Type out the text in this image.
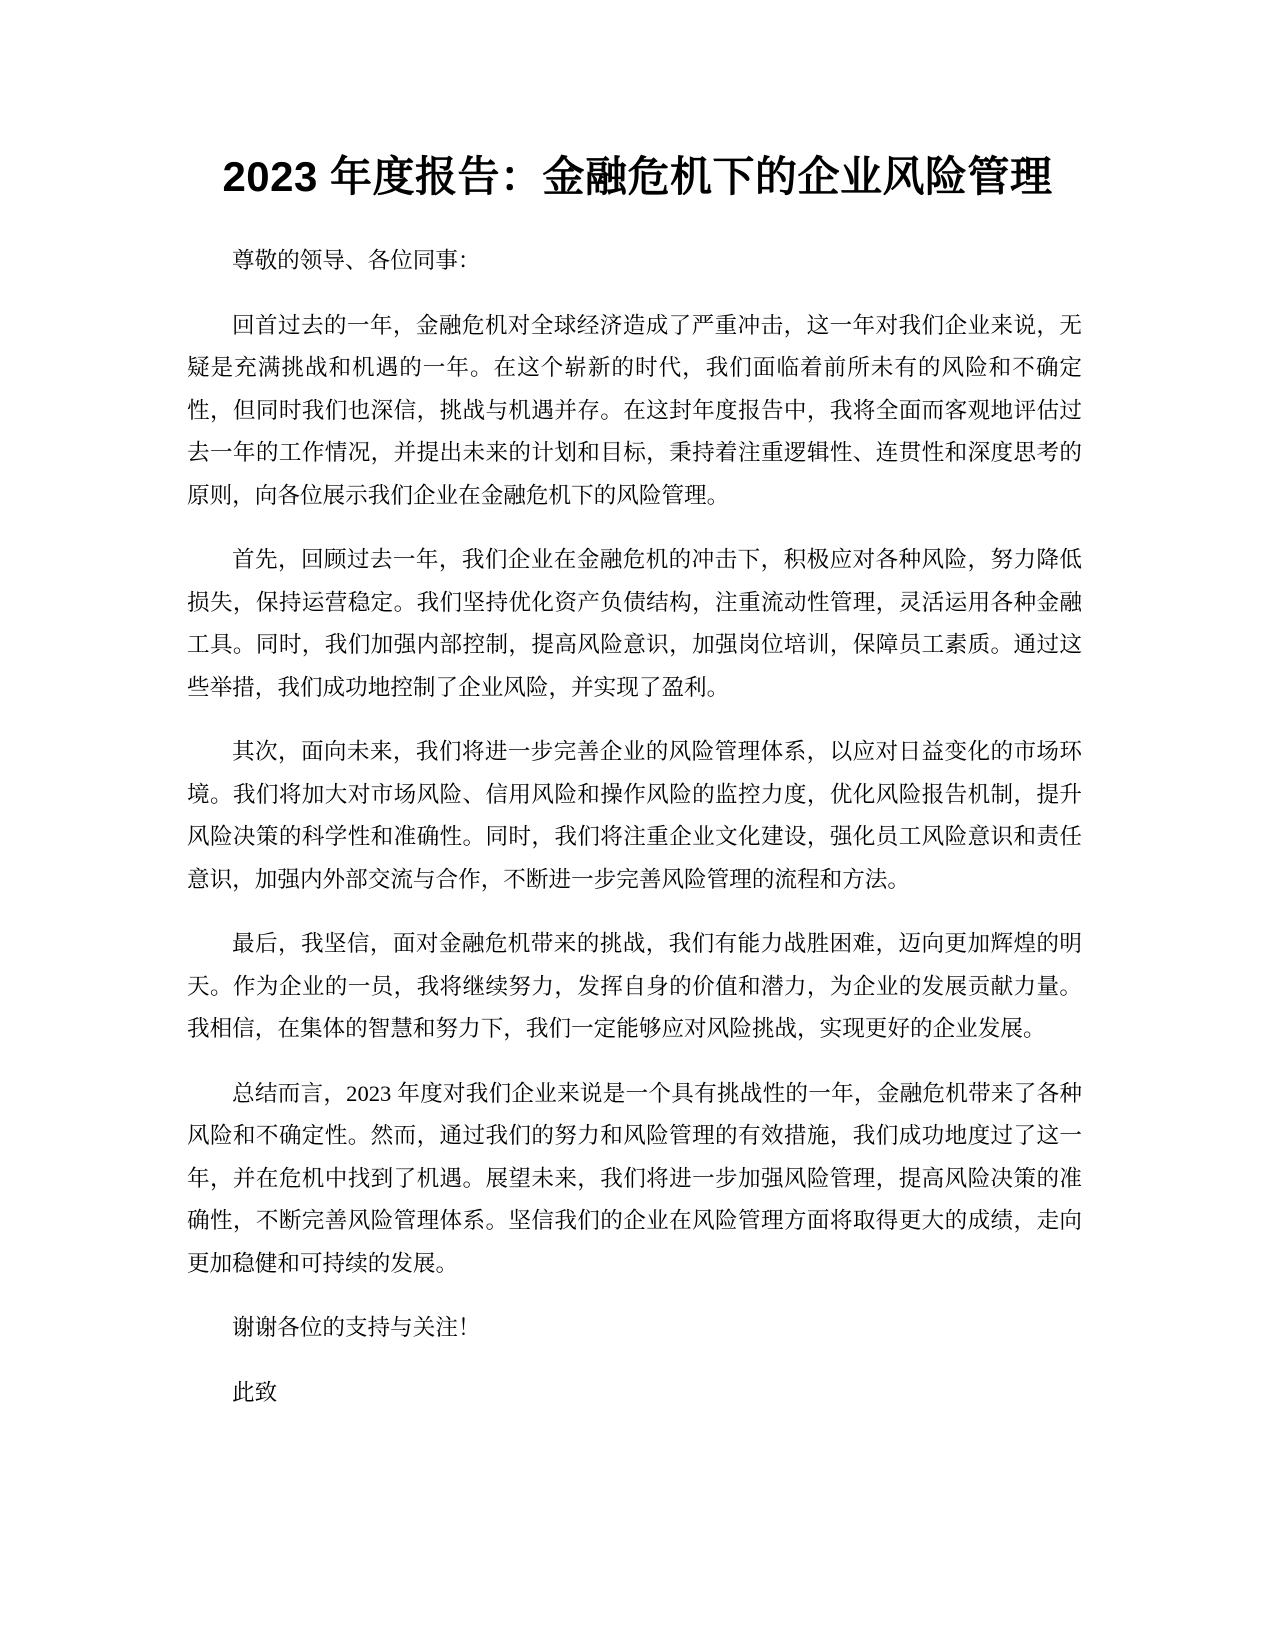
2023 年度报告：金融危机下的企业风险管理

尊敬的领导、各位同事：

回首过去的一年，金融危机对全球经济造成了严重冲击，这一年对我们企业来说，无疑是充满挑战和机遇的一年。在这个崭新的时代，我们面临着前所未有的风险和不确定性，但同时我们也深信，挑战与机遇并存。在这封年度报告中，我将全面而客观地评估过去一年的工作情况，并提出未来的计划和目标，秉持着注重逻辑性、连贯性和深度思考的原则，向各位展示我们企业在金融危机下的风险管理。

首先，回顾过去一年，我们企业在金融危机的冲击下，积极应对各种风险，努力降低损失，保持运营稳定。我们坚持优化资产负债结构，注重流动性管理，灵活运用各种金融工具。同时，我们加强内部控制，提高风险意识，加强岗位培训，保障员工素质。通过这些举措，我们成功地控制了企业风险，并实现了盈利。

其次，面向未来，我们将进一步完善企业的风险管理体系，以应对日益变化的市场环境。我们将加大对市场风险、信用风险和操作风险的监控力度，优化风险报告机制，提升风险决策的科学性和准确性。同时，我们将注重企业文化建设，强化员工风险意识和责任意识，加强内外部交流与合作，不断进一步完善风险管理的流程和方法。

最后，我坚信，面对金融危机带来的挑战，我们有能力战胜困难，迈向更加辉煌的明天。作为企业的一员，我将继续努力，发挥自身的价值和潜力，为企业的发展贡献力量。我相信，在集体的智慧和努力下，我们一定能够应对风险挑战，实现更好的企业发展。

总结而言，2023 年度对我们企业来说是一个具有挑战性的一年，金融危机带来了各种风险和不确定性。然而，通过我们的努力和风险管理的有效措施，我们成功地度过了这一年，并在危机中找到了机遇。展望未来，我们将进一步加强风险管理，提高风险决策的准确性，不断完善风险管理体系。坚信我们的企业在风险管理方面将取得更大的成绩，走向更加稳健和可持续的发展。

谢谢各位的支持与关注！

此致
